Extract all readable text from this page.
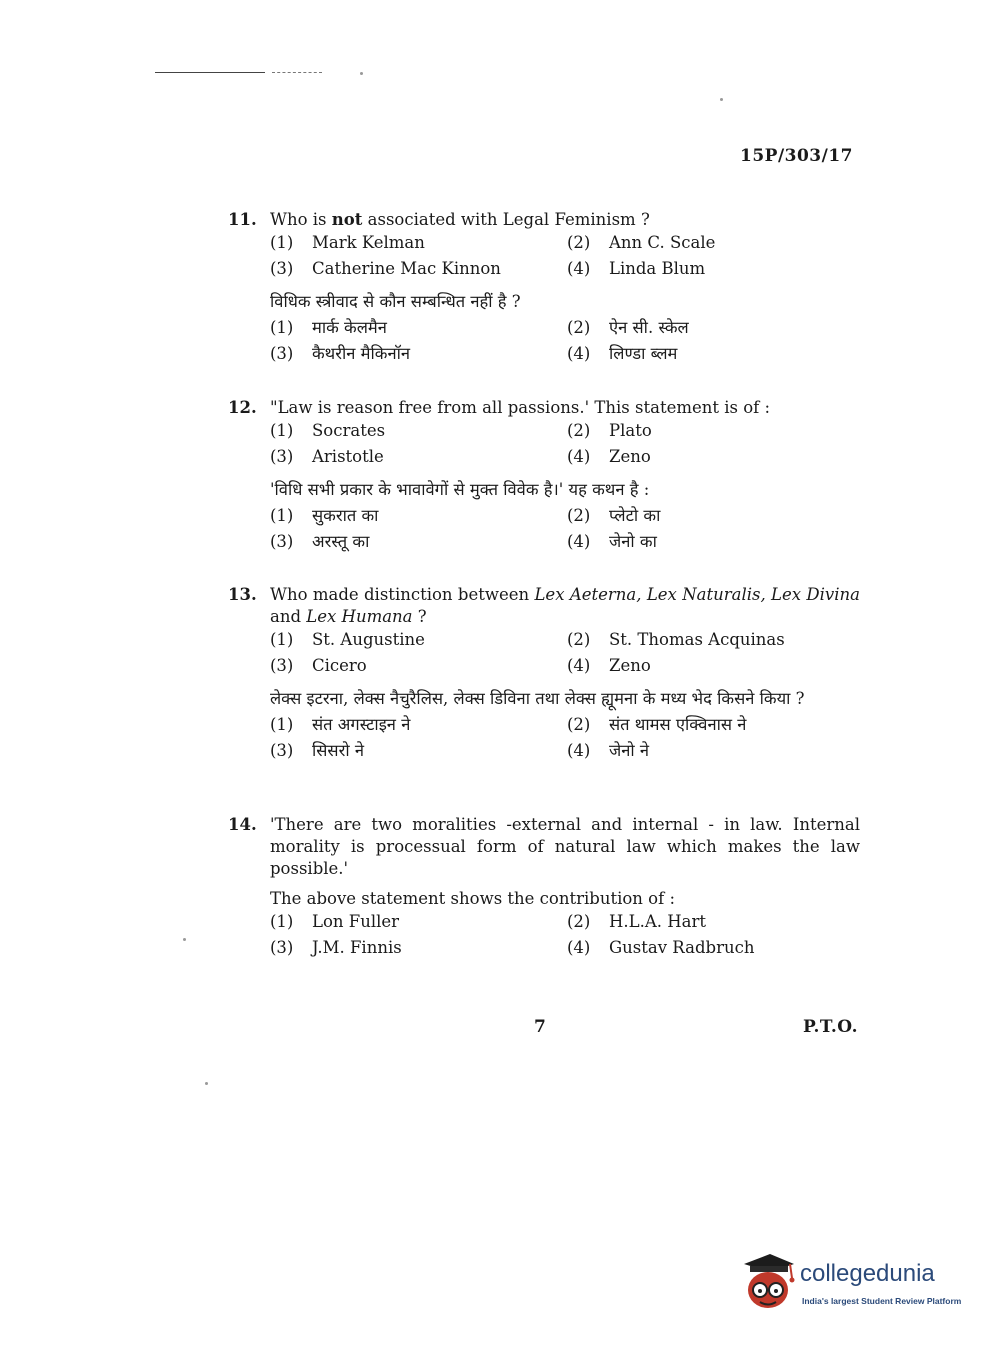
15P/303/17
11. Who is not associated with Legal Feminism ?
(1) Mark Kelman	(2) Ann C. Scale
(3) Catherine Mac Kinnon	(4) Linda Blum
विधिक स्त्रीवाद से कौन सम्बन्धित नहीं है ?
(1) मार्क केलमैन	(2) ऐन सी. स्केल
(3) कैथरीन मैकिनॉन	(4) लिण्डा ब्लम
12. "Law is reason free from all passions.' This statement is of :
(1) Socrates	(2) Plato
(3) Aristotle	(4) Zeno
'विधि सभी प्रकार के भावावेगों से मुक्त विवेक है।' यह कथन है :
(1) सुकरात का	(2) प्लेटो का
(3) अरस्तू का	(4) जेनो का
13. Who made distinction between Lex Aeterna, Lex Naturalis, Lex Divina and Lex Humana ?
(1) St. Augustine	(2) St. Thomas Acquinas
(3) Cicero	(4) Zeno
लेक्स इटरना, लेक्स नैचुरैलिस, लेक्स डिविना तथा लेक्स ह्यूमना के मध्य भेद किसने किया ?
(1) संत अगस्टाइन ने	(2) संत थामस एक्विनास ने
(3) सिसरो ने	(4) जेनो ने
14. 'There are two moralities -external and internal - in law. Internal morality is processual form of natural law which makes the law possible.'
The above statement shows the contribution of :
(1) Lon Fuller	(2) H.L.A. Hart
(3) J.M. Finnis	(4) Gustav Radbruch
7	P.T.O.
collegedunia
India's largest Student Review Platform
